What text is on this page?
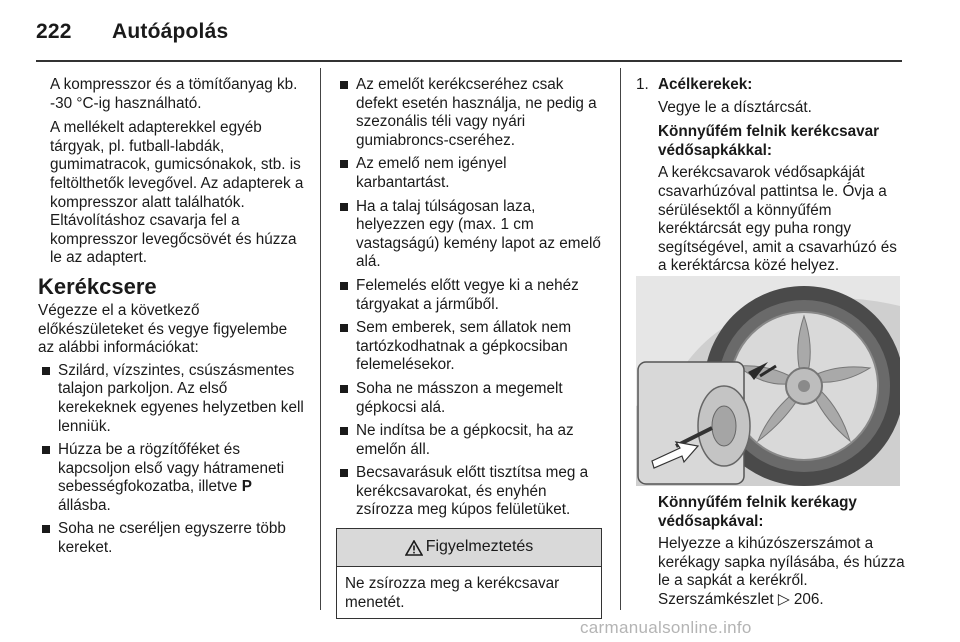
222 Autóápolás

A kompresszor és a tömítőanyag kb. -30 °C-ig használható.

A mellékelt adapterekkel egyéb tárgyak, pl. futball-labdák, gumimatracok, gumicsónakok, stb. is feltölthetők levegővel. Az adapterek a kompresszor alatt találhatók. Eltávolításhoz csavarja fel a kompresszor levegőcsövét és húzza le az adaptert.

Kerékcsere

Végezze el a következő előkészületeket és vegye figyelembe az alábbi információkat:

Szilárd, vízszintes, csúszásmentes talajon parkoljon. Az első kerekeknek egyenes helyzetben kell lenniük.
Húzza be a rögzítőféket és kapcsoljon első vagy hátrameneti sebességfokozatba, illetve P
állásba.
Soha ne cseréljen egyszerre több kereket.
Az emelőt kerékcseréhez csak defekt esetén használja, ne pedig a szezonális téli vagy nyári gumiabroncs-cseréhez.
Az emelő nem igényel karbantartást.
Ha a talaj túlságosan laza, helyezzen egy (max. 1 cm vastagságú) kemény lapot az emelő alá.
Felemelés előtt vegye ki a nehéz tárgyakat a járműből.
Sem emberek, sem állatok nem tartózkodhatnak a gépkocsiban felemelésekor.
Soha ne másszon a megemelt gépkocsi alá.
Ne indítsa be a gépkocsit, ha az emelőn áll.
Becsavarásuk előtt tisztítsa meg a kerékcsavarokat, és enyhén zsírozza meg kúpos felületüket.
Figyelmeztetés
Ne zsírozza meg a kerékcsavar menetét.
1. Acélkerekek:

Vegye le a dísztárcsát.

Könnyűfém felnik kerékcsavar védősapkákkal:

A kerékcsavarok védősapkáját csavarhúzóval pattintsa le. Óvja a sérülésektől a könnyűfém keréktárcsát egy puha rongy segítségével, amit a csavarhúzó és a keréktárcsa közé helyez.

Könnyűfém felnik kerékagy védősapkával:

Helyezze a kihúzószerszámot a kerékagy sapka nyílásába, és húzza le a sapkát a kerékről. Szerszámkészlet ▷ 206.

carmanualsonline.info
